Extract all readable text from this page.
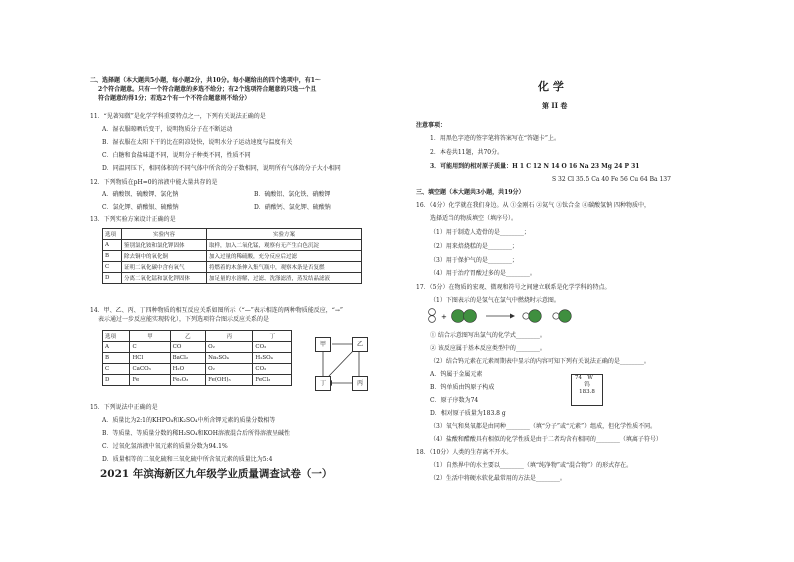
二、选择题（本大题共5小题，每小题2分，共10分。每小题给出的四个选项中，有1～
2个符合题意。只有一个符合题意的多选不给分；有2个选项符合题意的只选一个且
符合题意的得1分；若选2个有一个不符合题意则不给分）
11．“见著知微”是化学学科重要特点之一，下列有关说法正确的是
A．湿衣服晾晒后变干，说明物质分子在不断运动
B．湿衣服在太阳下干的比在阴凉处快，说明水分子运动速度与温度有关
C．白糖和食盐味道不同，说明分子种类不同，性质不同
D．同温同压下，相同体积的不同气体中所含的分子数相同，说明所有气体的分子大小相同
12．下列物质在pH=0的溶液中能大量共存的是
A．硝酸钡、硫酸钾、氯化钠	B．硫酸铝、氯化铁、硝酸钾
C．氯化钾、硝酸银、硫酸钠	D．硝酸钙、氯化钾、硫酸钠
13．下列实验方案设计正确的是
选项	实验内容	实验方案
A	鉴别氯化铵和氯化钾固体	取样，加入二氧化锰，观察有无产生白色沉淀
B	除去铜中的氧化铜	加入过量的稀硫酸，充分反应后过滤
C	证明二氧化碳中含有氧气	将燃着的木条伸入集气瓶中，观察木条是否复燃
D	分离二氧化锰和氯化钾固体	加足量的水溶解，过滤、洗涤滤渣，蒸发结晶滤液
14．甲、乙、丙、丁四种物质的相互反应关系如图所示（“—”表示相连的两种物质能反应，“→”
表示通过一步反应能实现转化），下列选项符合图示反应关系的是
选项	甲	乙	丙	丁
A	C	CO	O₂	CO₂
B	HCl	BaCl₂	Na₂SO₄	H₂SO₄
C	CaCO₃	H₂O	O₂	CO₂
D	Fe	Fe₂O₃	Fe(OH)₃	FeCl₃
甲	乙
丁	丙
15．下列说法中正确的是
A．质量比为2:1的KHPO₄和K₂SO₄中所含钾元素的质量分数相等
B．等质量、等质量分数的稀H₂SO₄和KOH溶液混合后所得溶液呈碱性
C．过氧化氢溶液中氧元素的质量分数为94.1%
D．质量相等的二氧化硫和三氧化硫中所含氧元素的质量比为5:4
2021 年滨海新区九年级学业质量调查试卷（一）
化 学
第 II 卷
注意事项：
1．用黑色字迹的签字笔将答案写在“答题卡”上。
2．本卷共11题，共70分。
3．可能用到的相对原子质量：H 1 C 12 N 14 O 16 Na 23 Mg 24 P 31
S 32 Cl 35.5 Ca 40 Fe 56 Cu 64 Ba 137
三、填空题（本大题共3小题，共19分）
16．（4分）化学就在我们身边。从 ①金刚石 ②氦气 ③钛合金 ④碳酸氢钠 四种物质中，
选择适当的物质填空（填序号）。
（1）用于制造人造骨的是________；
（2）用来焙烧糕的是________；
（3）用于保护气的是________；
（4）用于治疗胃酸过多的是________。
17．（5分）在物质的宏观、微观和符号之间建立联系是化学学科的特点。
（1）下图表示的是氢气在氯气中燃烧时示意图。
+
① 结合示意图写出氯气的化学式________。
② 该反应属于基本反应类型中的________。
（2）结合钨元素在元素周期表中显示的内容可知下列有关说法正确的是________。
A．钨属于金属元素
B．钨单质由钨原子构成
C．原子序数为74
D．相对原子质量为183.8 g
74 W
钨
183.8
（3）氧气和臭氧都是由同种________（填“分子”或“元素”）组成，但化学性质不同。
（4）盐酸和醋酸具有相似的化学性质是由于二者均含有相同的________（填离子符号）
18．（10分）人类的生存离不开水。
（1）自然界中的水主要以________（填“纯净物”或“混合物”）的形式存在。
（2）生活中将硬水软化最常用的方法是________。
